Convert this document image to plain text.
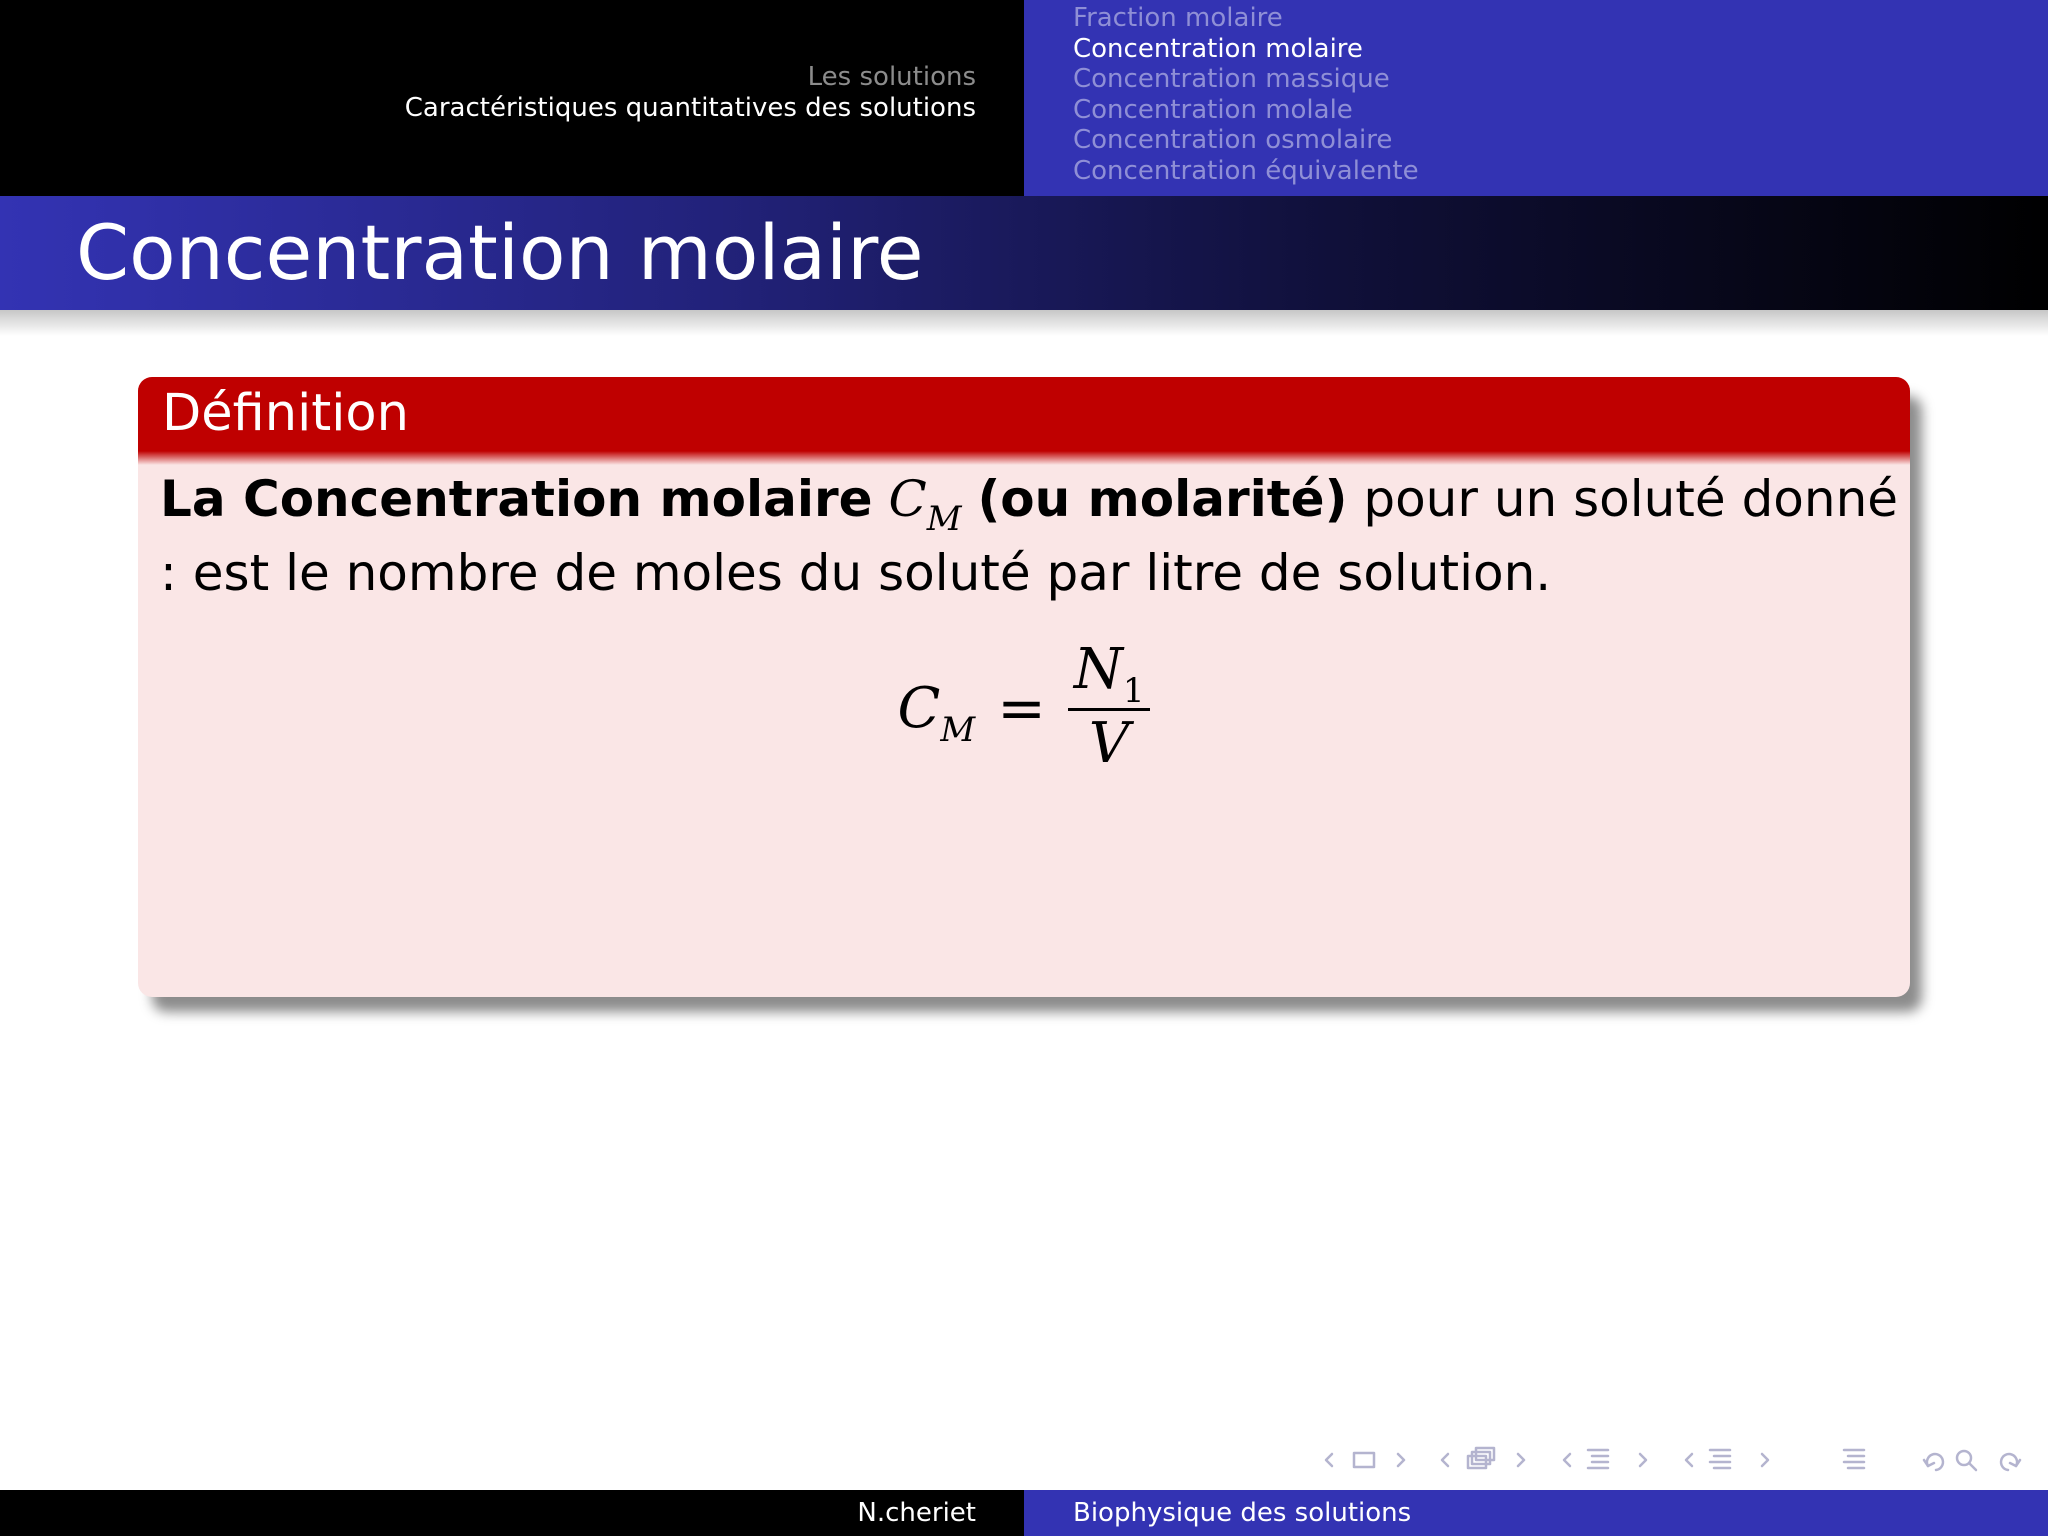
Les solutions
Caractéristiques quantitatives des solutions
Fraction molaire
Concentration molaire
Concentration massique
Concentration molale
Concentration osmolaire
Concentration équivalente
Concentration molaire
Définition
La Concentration molaire $C_M$ (ou molarité) pour un soluté donné : est le nombre de moles du soluté par litre de solution.
$C_M = \frac{N_1}{V}$
N.cheriet	Biophysique des solutions
